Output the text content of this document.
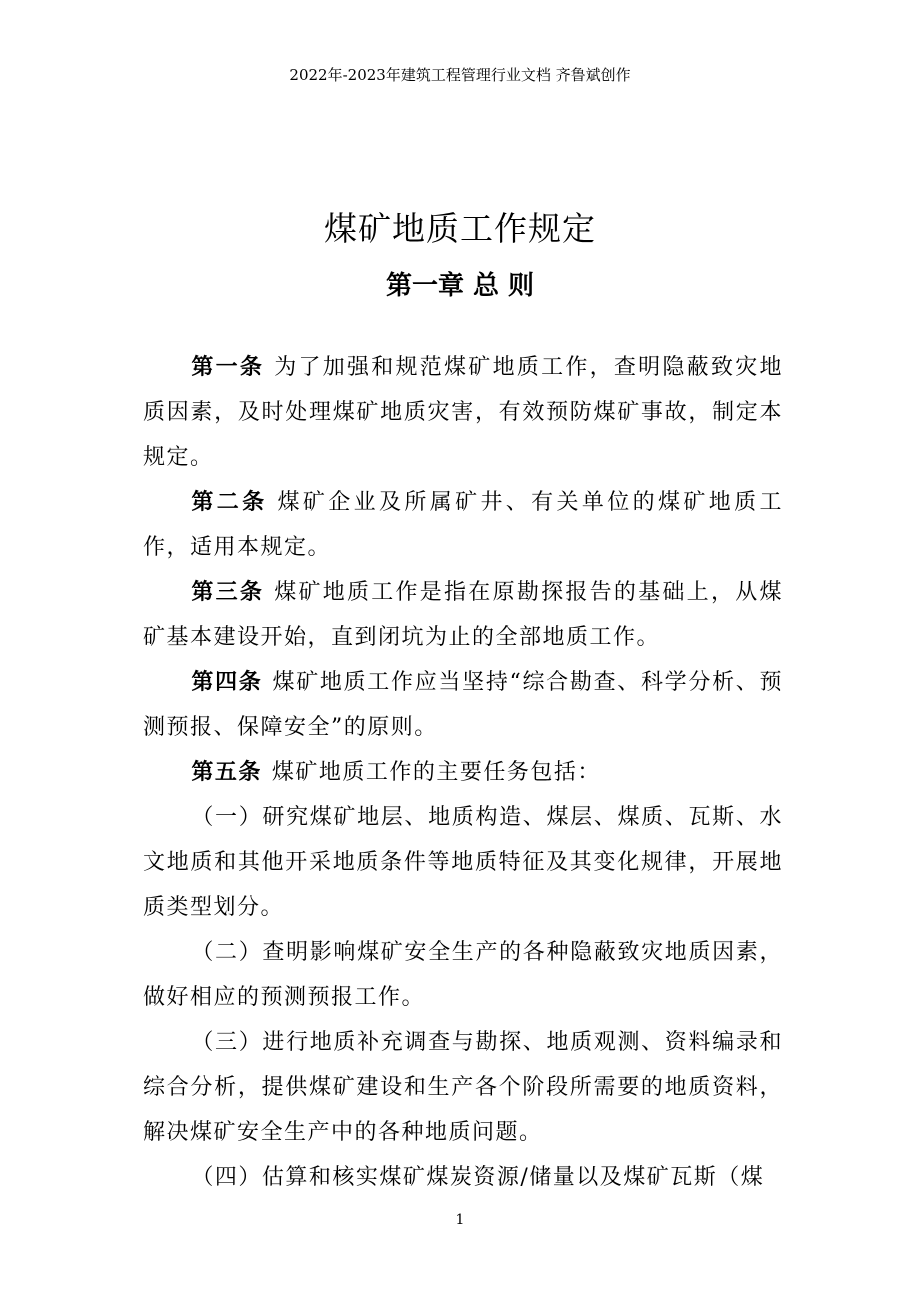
2022年-2023年建筑工程管理行业文档 齐鲁斌创作
煤矿地质工作规定
第一章 总 则

第一条 为了加强和规范煤矿地质工作，查明隐蔽致灾地质因素，及时处理煤矿地质灾害，有效预防煤矿事故，制定本规定。

第二条 煤矿企业及所属矿井、有关单位的煤矿地质工作，适用本规定。

第三条 煤矿地质工作是指在原勘探报告的基础上，从煤矿基本建设开始，直到闭坑为止的全部地质工作。

第四条 煤矿地质工作应当坚持“综合勘查、科学分析、预测预报、保障安全”的原则。

第五条 煤矿地质工作的主要任务包括：

（一）研究煤矿地层、地质构造、煤层、煤质、瓦斯、水文地质和其他开采地质条件等地质特征及其变化规律，开展地质类型划分。

（二）查明影响煤矿安全生产的各种隐蔽致灾地质因素，做好相应的预测预报工作。

（三）进行地质补充调查与勘探、地质观测、资料编录和综合分析，提供煤矿建设和生产各个阶段所需要的地质资料，解决煤矿安全生产中的各种地质问题。

（四）估算和核实煤矿煤炭资源/储量以及煤矿瓦斯（煤

1
